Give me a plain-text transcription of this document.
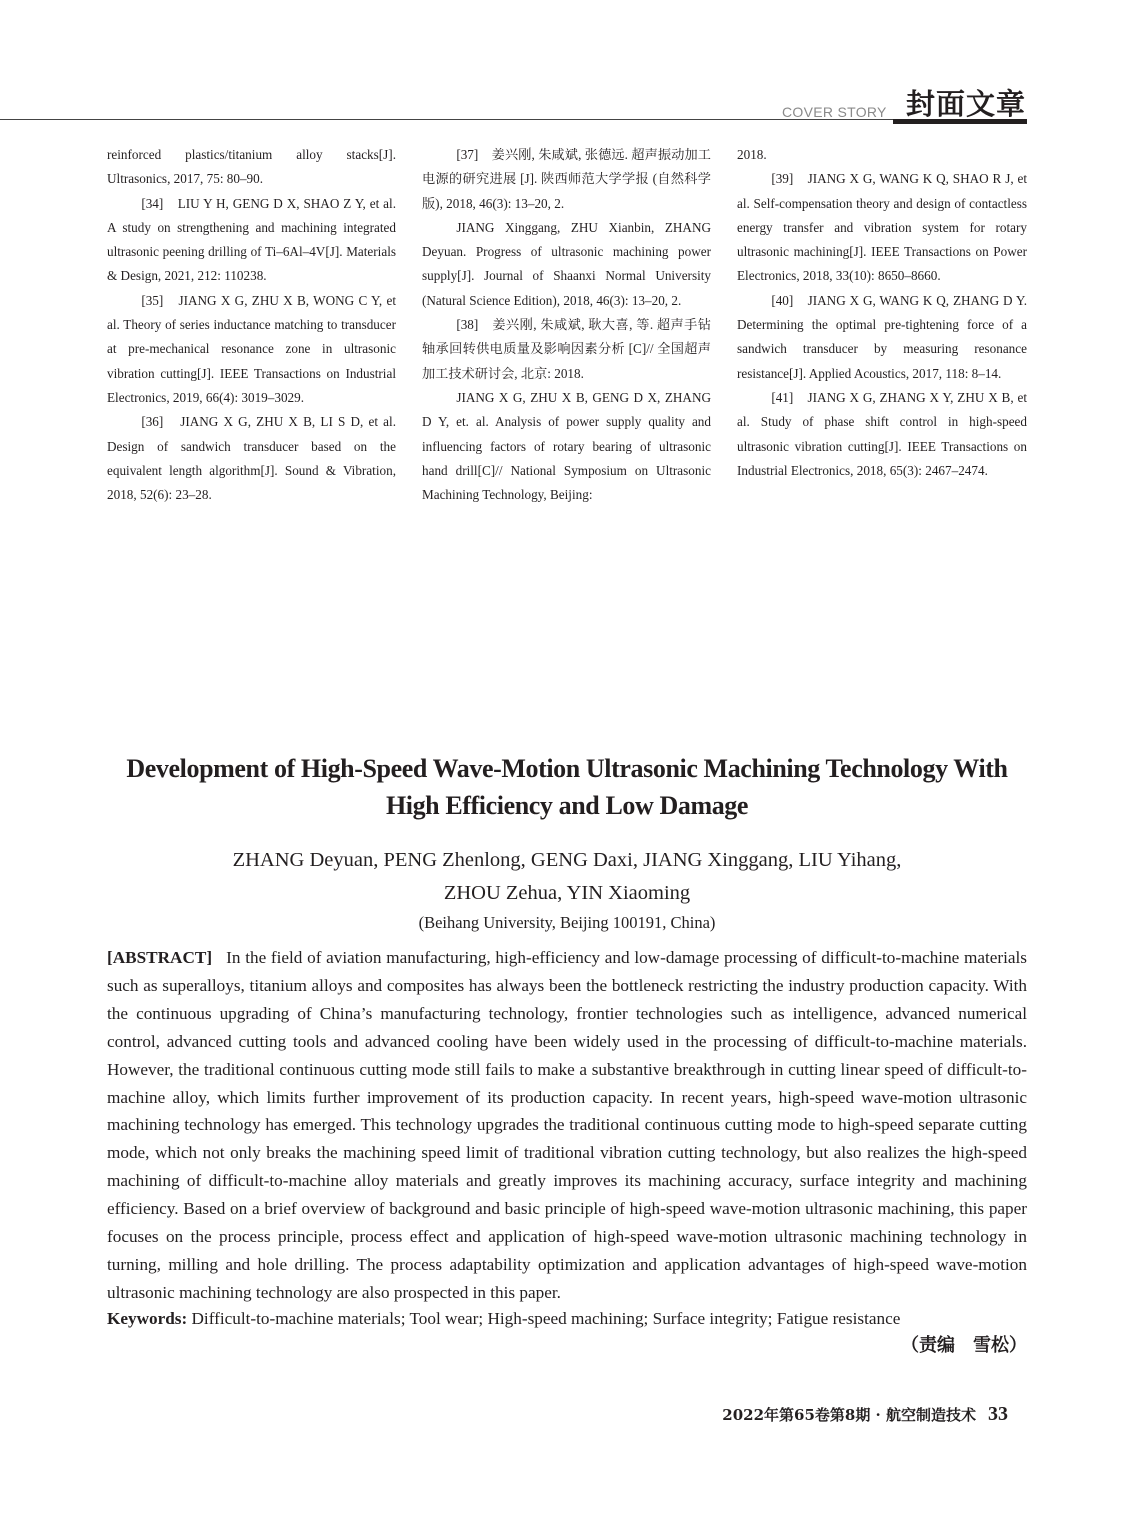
COVER STORY 封面文章

reinforced plastics/titanium alloy stacks[J]. Ultrasonics, 2017, 75: 80–90.

[34]　LIU Y H, GENG D X, SHAO Z Y, et al. A study on strengthening and machining integrated ultrasonic peening drilling of Ti–6Al–4V[J]. Materials & Design, 2021, 212: 110238.

[35]　JIANG X G, ZHU X B, WONG C Y, et al. Theory of series inductance matching to transducer at pre-mechanical resonance zone in ultrasonic vibration cutting[J]. IEEE Transactions on Industrial Electronics, 2019, 66(4): 3019–3029.

[36]　JIANG X G, ZHU X B, LI S D, et al. Design of sandwich transducer based on the equivalent length algorithm[J]. Sound & Vibration, 2018, 52(6): 23–28.

[37]　姜兴刚, 朱咸斌, 张德远. 超声振动加工电源的研究进展 [J]. 陕西师范大学学报 (自然科学版), 2018, 46(3): 13–20, 2.

JIANG Xinggang, ZHU Xianbin, ZHANG Deyuan. Progress of ultrasonic machining power supply[J]. Journal of Shaanxi Normal University (Natural Science Edition), 2018, 46(3): 13–20, 2.

[38]　姜兴刚, 朱咸斌, 耿大喜, 等. 超声手钻轴承回转供电质量及影响因素分析 [C]// 全国超声加工技术研讨会, 北京: 2018.

JIANG X G, ZHU X B, GENG D X, ZHANG D Y, et. al. Analysis of power supply quality and influencing factors of rotary bearing of ultrasonic hand drill[C]// National Symposium on Ultrasonic Machining Technology, Beijing:

2018.

[39]　JIANG X G, WANG K Q, SHAO R J, et al. Self-compensation theory and design of contactless energy transfer and vibration system for rotary ultrasonic machining[J]. IEEE Transactions on Power Electronics, 2018, 33(10): 8650–8660.

[40]　JIANG X G, WANG K Q, ZHANG D Y. Determining the optimal pre-tightening force of a sandwich transducer by measuring resonance resistance[J]. Applied Acoustics, 2017, 118: 8–14.

[41]　JIANG X G, ZHANG X Y, ZHU X B, et al. Study of phase shift control in high-speed ultrasonic vibration cutting[J]. IEEE Transactions on Industrial Electronics, 2018, 65(3): 2467–2474.

Development of High-Speed Wave-Motion Ultrasonic Machining Technology With
High Efficiency and Low Damage
ZHANG Deyuan, PENG Zhenlong, GENG Daxi, JIANG Xinggang, LIU Yihang,
ZHOU Zehua, YIN Xiaoming
(Beihang University, Beijing 100191, China)

[ABSTRACT] In the field of aviation manufacturing, high-efficiency and low-damage processing of difficult-to-machine materials such as superalloys, titanium alloys and composites has always been the bottleneck restricting the industry production capacity. With the continuous upgrading of China’s manufacturing technology, frontier technologies such as intelligence, advanced numerical control, advanced cutting tools and advanced cooling have been widely used in the processing of difficult-to-machine materials. However, the traditional continuous cutting mode still fails to make a substantive breakthrough in cutting linear speed of difficult-to-machine alloy, which limits further improvement of its production capacity. In recent years, high-speed wave-motion ultrasonic machining technology has emerged. This technology upgrades the traditional continuous cutting mode to high-speed separate cutting mode, which not only breaks the machining speed limit of traditional vibration cutting technology, but also realizes the high-speed machining of difficult-to-machine alloy materials and greatly improves its machining accuracy, surface integrity and machining efficiency. Based on a brief overview of background and basic principle of high-speed wave-motion ultrasonic machining, this paper focuses on the process principle, process effect and application of high-speed wave-motion ultrasonic machining technology in turning, milling and hole drilling. The process adaptability optimization and application advantages of high-speed wave-motion ultrasonic machining technology are also prospected in this paper.

Keywords: Difficult-to-machine materials; Tool wear; High-speed machining; Surface integrity; Fatigue resistance
（责编　雪松）
2022年第65卷第8期 · 航空制造技术 33
